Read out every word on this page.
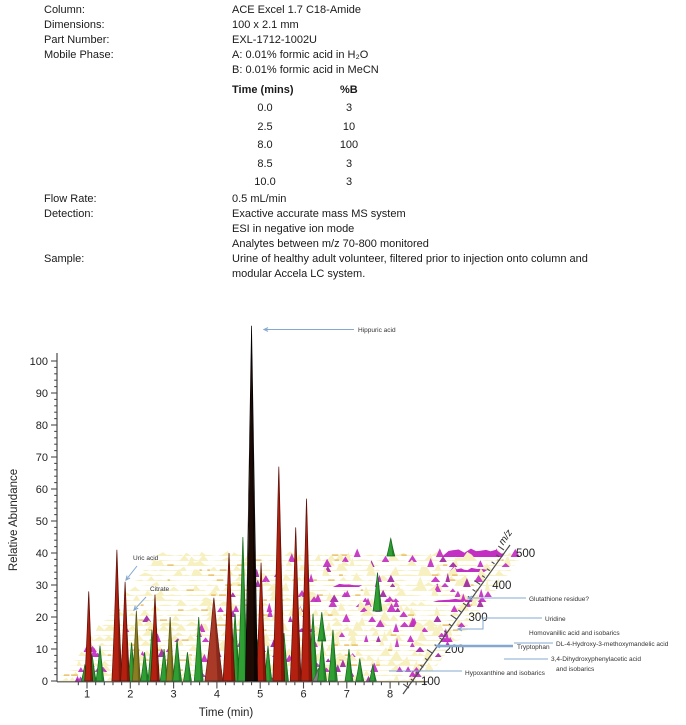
Column:	ACE Excel 1.7 C18-Amide
Dimensions:	100 x 2.1 mm
Part Number:	EXL-1712-1002U
Mobile Phase:	A: 0.01% formic acid in H₂O
B: 0.01% formic acid in MeCN
Time (mins)	%B
0.0	3
2.5	10
8.0	100
8.5	3
10.0	3
Flow Rate:	0.5 mL/min
Detection:	Exactive accurate mass MS system
ESI in negative ion mode
Analytes between m/z 70-800 monitored
Sample:	Urine of healthy adult volunteer, filtered prior to injection onto column and
modular Accela LC system.
0
10
20
30
40
50
60
70
80
90
100
Relative Abundance
1	2	3	4	5	6	7	8
Time (min)
100
200
300
400
500
m/z
Hippuric acid
Uric acid
Citrate
Glutathione residue?
Uridine
Homovanillic acid and isobarics
Tryptophan DL-4-Hydroxy-3-methoxymandelic acid
3,4-Dihydroxyphenylacetic acid
and isobarics
Hypoxanthine and isobarics
